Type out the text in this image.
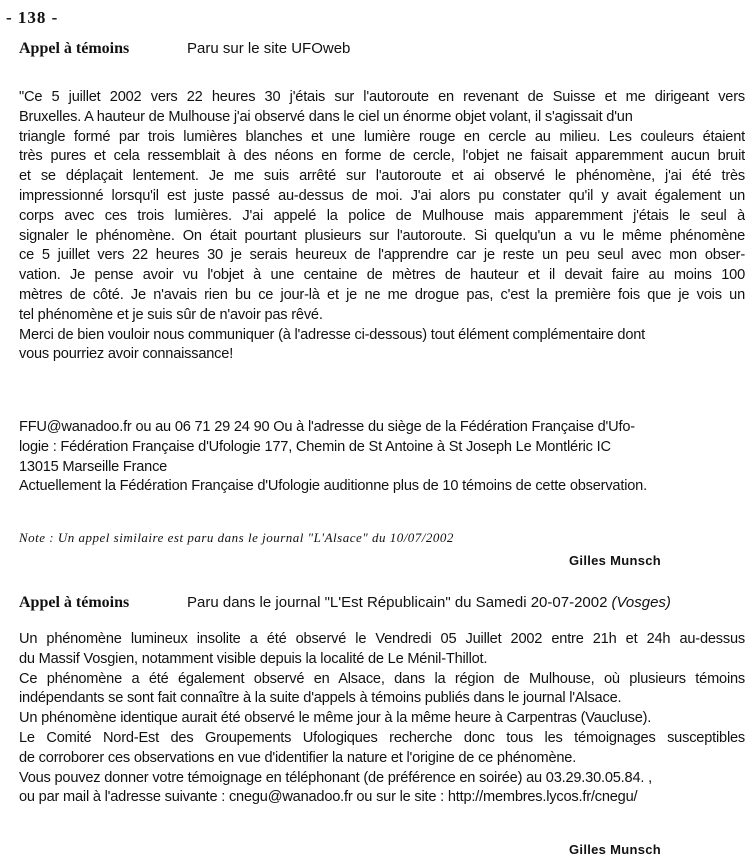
- 138 -
Appel à témoins	Paru sur le site UFOweb
"Ce 5 juillet 2002 vers 22 heures 30 j'étais sur l'autoroute en revenant de Suisse et me dirigeant vers
Bruxelles. A hauteur de Mulhouse j'ai observé dans le ciel un énorme objet volant, il s'agissait d'un
triangle formé par trois lumières blanches et une lumière rouge en cercle au milieu. Les couleurs étaient
très pures et cela ressemblait à des néons en forme de cercle, l'objet ne faisait apparemment aucun bruit
et se déplaçait lentement. Je me suis arrêté sur l'autoroute et ai observé le phénomène, j'ai été très
impressionné lorsqu'il est juste passé au-dessus de moi. J'ai alors pu constater qu'il y avait également un
corps avec ces trois lumières. J'ai appelé la police de Mulhouse mais apparemment j'étais le seul à
signaler le phénomène. On était pourtant plusieurs sur l'autoroute. Si quelqu'un a vu le même phénomène
ce 5 juillet vers 22 heures 30 je serais heureux de l'apprendre car je reste un peu seul avec mon obser-
vation. Je pense avoir vu l'objet à une centaine de mètres de hauteur et il devait faire au moins 100
mètres de côté. Je n'avais rien bu ce jour-là et je ne me drogue pas, c'est la première fois que je vois un
tel phénomène et je suis sûr de n'avoir pas rêvé.
Merci de bien vouloir nous communiquer (à l'adresse ci-dessous) tout élément complémentaire dont
vous pourriez avoir connaissance!
FFU@wanadoo.fr ou au 06 71 29 24 90 Ou à l'adresse du siège de la Fédération Française d'Ufo-
logie : Fédération Française d'Ufologie 177, Chemin de St Antoine à St Joseph Le Montléric IC
13015 Marseille France
Actuellement la Fédération Française d'Ufologie auditionne plus de 10 témoins de cette observation.
Note : Un appel similaire est paru dans le journal "L'Alsace" du 10/07/2002
Gilles Munsch
Appel à témoins	Paru dans le journal "L'Est Républicain" du Samedi 20-07-2002 (Vosges)
Un phénomène lumineux insolite a été observé le Vendredi 05 Juillet 2002 entre 21h et 24h au-dessus
du Massif Vosgien, notamment visible depuis la localité de Le Ménil-Thillot.
Ce phénomène a été également observé en Alsace, dans la région de Mulhouse, où plusieurs témoins
indépendants se sont fait connaître à la suite d'appels à témoins publiés dans le journal l'Alsace.
Un phénomène identique aurait été observé le même jour à la même heure à Carpentras (Vaucluse).
Le Comité Nord-Est des Groupements Ufologiques recherche donc tous les témoignages susceptibles
de corroborer ces observations en vue d'identifier la nature et l'origine de ce phénomène.
Vous pouvez donner votre témoignage en téléphonant (de préférence en soirée) au 03.29.30.05.84. ,
ou par mail à l'adresse suivante : cnegu@wanadoo.fr ou sur le site : http://membres.lycos.fr/cnegu/
Gilles Munsch
